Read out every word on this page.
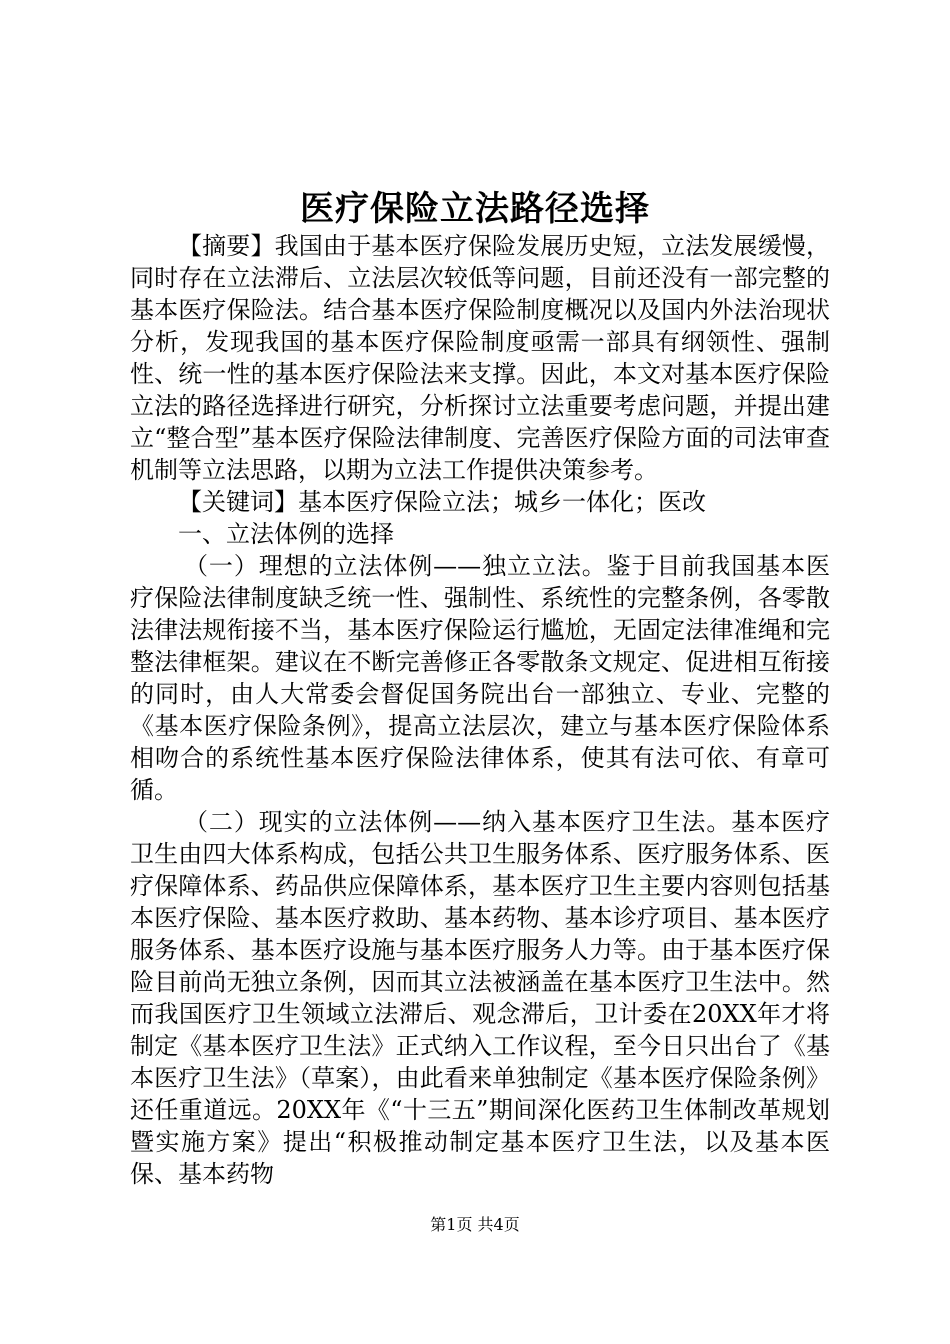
医疗保险立法路径选择

【摘要】我国由于基本医疗保险发展历史短，立法发展缓慢，同时存在立法滞后、立法层次较低等问题，目前还没有一部完整的基本医疗保险法。结合基本医疗保险制度概况以及国内外法治现状分析，发现我国的基本医疗保险制度亟需一部具有纲领性、强制性、统一性的基本医疗保险法来支撑。因此，本文对基本医疗保险立法的路径选择进行研究，分析探讨立法重要考虑问题，并提出建立“整合型”基本医疗保险法律制度、完善医疗保险方面的司法审查机制等立法思路，以期为立法工作提供决策参考。

【关键词】基本医疗保险立法；城乡一体化；医改

一、立法体例的选择

（一）理想的立法体例——独立立法。鉴于目前我国基本医疗保险法律制度缺乏统一性、强制性、系统性的完整条例，各零散法律法规衔接不当，基本医疗保险运行尴尬，无固定法律准绳和完整法律框架。建议在不断完善修正各零散条文规定、促进相互衔接的同时，由人大常委会督促国务院出台一部独立、专业、完整的《基本医疗保险条例》，提高立法层次，建立与基本医疗保险体系相吻合的系统性基本医疗保险法律体系，使其有法可依、有章可循。

（二）现实的立法体例——纳入基本医疗卫生法。基本医疗卫生由四大体系构成，包括公共卫生服务体系、医疗服务体系、医疗保障体系、药品供应保障体系，基本医疗卫生主要内容则包括基本医疗保险、基本医疗救助、基本药物、基本诊疗项目、基本医疗服务体系、基本医疗设施与基本医疗服务人力等。由于基本医疗保险目前尚无独立条例，因而其立法被涵盖在基本医疗卫生法中。然而我国医疗卫生领域立法滞后、观念滞后，卫计委在20XX年才将制定《基本医疗卫生法》正式纳入工作议程，至今日只出台了《基本医疗卫生法》（草案），由此看来单独制定《基本医疗保险条例》还任重道远。20XX年《“十三五”期间深化医药卫生体制改革规划暨实施方案》提出“积极推动制定基本医疗卫生法，以及基本医保、基本药物

第1页 共4页
